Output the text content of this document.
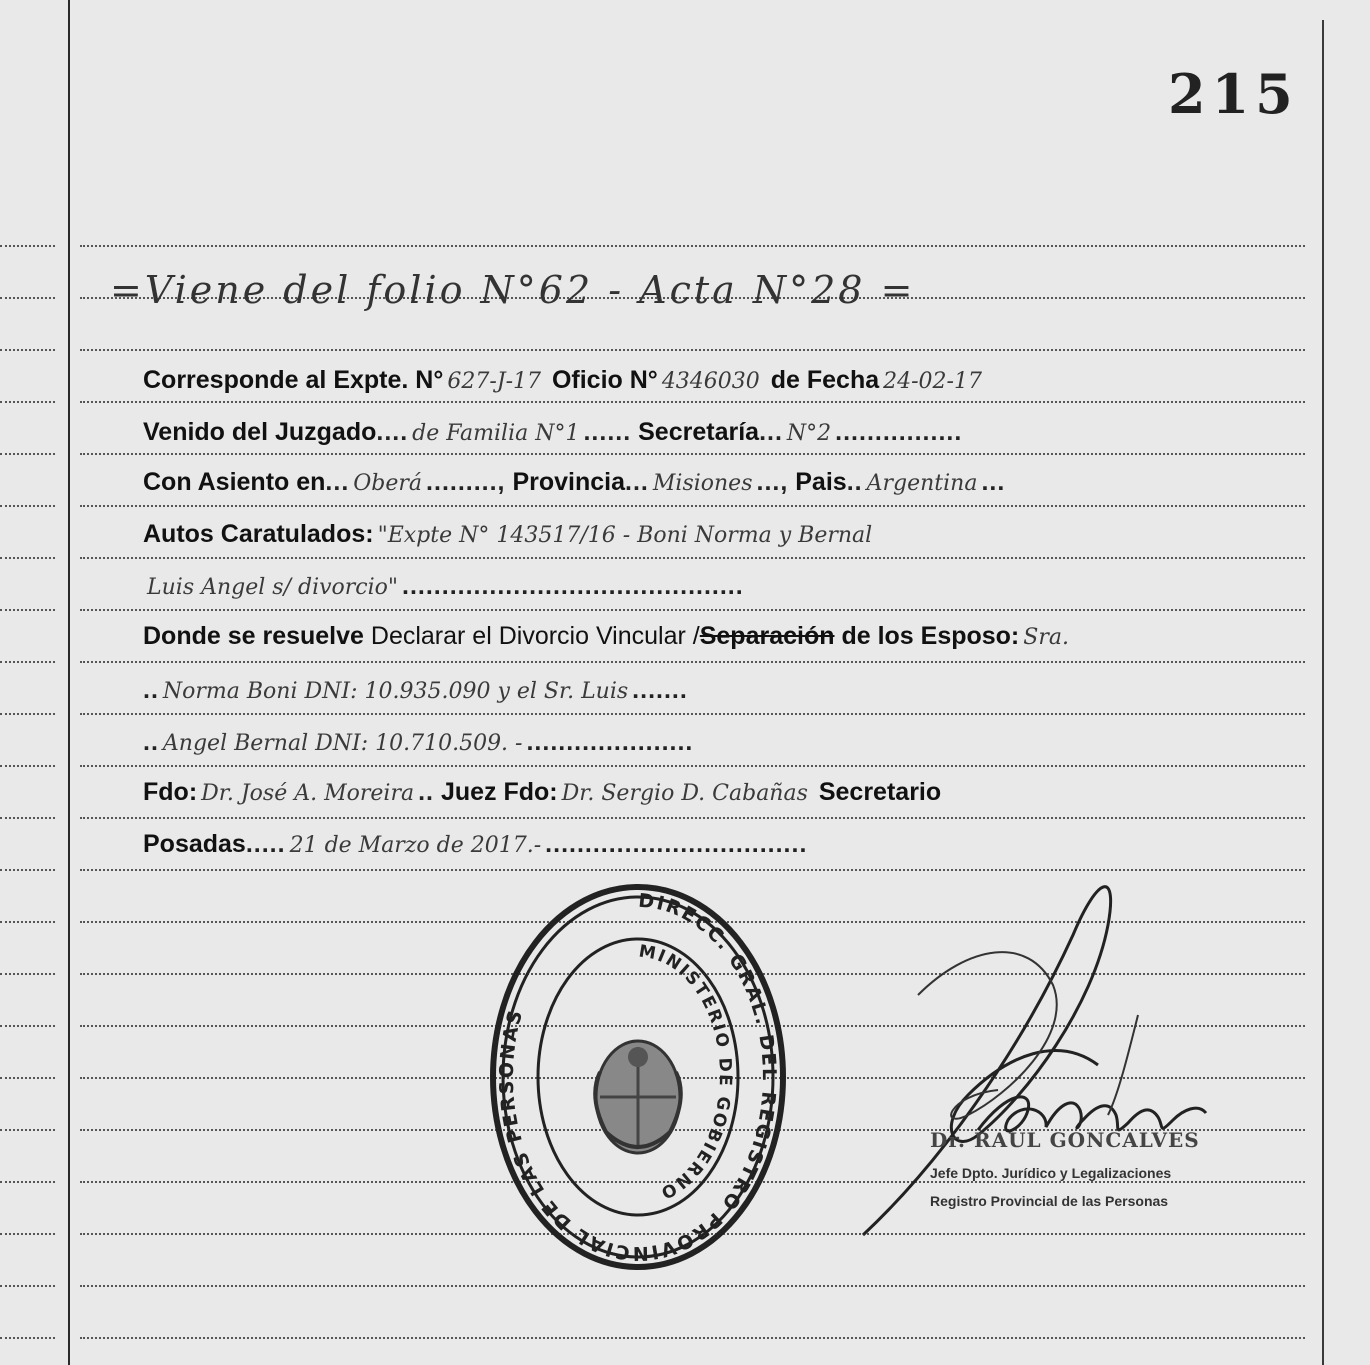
215
=Viene del folio N°62 - Acta N°28 =
Corresponde al Expte. N° 627-J-17 Oficio N° 4346030 de Fecha 24-02-17
Venido del Juzgado.... de Familia N°1 ...... Secretaría... N°2 ................
Con Asiento en... Oberá ........., Provincia... Misiones ..., Pais.. Argentina ...
Autos Caratulados: "Expte N° 143517/16 - Boni Norma y Bernal
Luis Angel s/ divorcio" ...........................................
Donde se resuelve Declarar el Divorcio Vincular /Separación de los Esposo: Sra.
.. Norma Boni DNI: 10.935.090 y el Sr. Luis .......
.. Angel Bernal DNI: 10.710.509. - .....................
Fdo: Dr. José A. Moreira .. Juez Fdo: Dr. Sergio D. Cabañas Secretario
Posadas..... 21 de Marzo de 2017.- .................................
DIRECC. GRAL. DEL REGISTRO PROVINCIAL DE LAS PERSONAS
MINISTERIO DE GOBIERNO
Dr. RAUL GONCALVES
Jefe Dpto. Jurídico y Legalizaciones
Registro Provincial de las Personas
